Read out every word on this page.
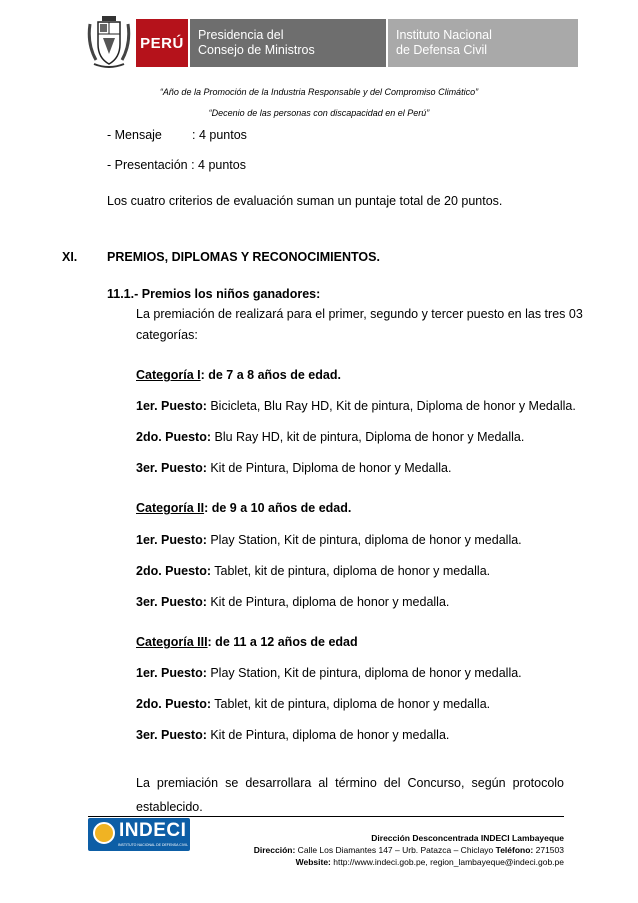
PERÚ	Presidencia del
Consejo de Ministros
Instituto Nacional
de Defensa Civil
“Año de la Promoción de la Industria Responsable y del Compromiso Climático”
“Decenio de las personas con discapacidad en el Perú”
- Mensaje : 4 puntos
- Presentación : 4 puntos
Los cuatro criterios de evaluación suman un puntaje total de 20 puntos.
XI. PREMIOS, DIPLOMAS Y RECONOCIMIENTOS.
11.1.- Premios los niños ganadores:
La premiación de realizará para el primer, segundo y tercer puesto en las tres 03
categorías:
Categoría I: de 7 a 8 años de edad.
1er. Puesto: Bicicleta, Blu Ray HD, Kit de pintura, Diploma de honor y Medalla.
2do. Puesto: Blu Ray HD, kit de pintura, Diploma de honor y Medalla.
3er. Puesto: Kit de Pintura, Diploma de honor y Medalla.
Categoría II: de 9 a 10 años de edad.
1er. Puesto: Play Station, Kit de pintura, diploma de honor y medalla.
2do. Puesto: Tablet, kit de pintura, diploma de honor y medalla.
3er. Puesto: Kit de Pintura, diploma de honor y medalla.
Categoría III: de 11 a 12 años de edad
1er. Puesto: Play Station, Kit de pintura, diploma de honor y medalla.
2do. Puesto: Tablet, kit de pintura, diploma de honor y medalla.
3er. Puesto: Kit de Pintura, diploma de honor y medalla.
La premiación se desarrollara al término del Concurso, según protocolo
establecido.
INDECI
INSTITUTO NACIONAL DE DEFENSA CIVIL
Dirección Desconcentrada INDECI Lambayeque
Dirección: Calle Los Diamantes 147 – Urb. Patazca – Chiclayo Teléfono: 271503
Website: http://www.indeci.gob.pe, region_lambayeque@indeci.gob.pe
